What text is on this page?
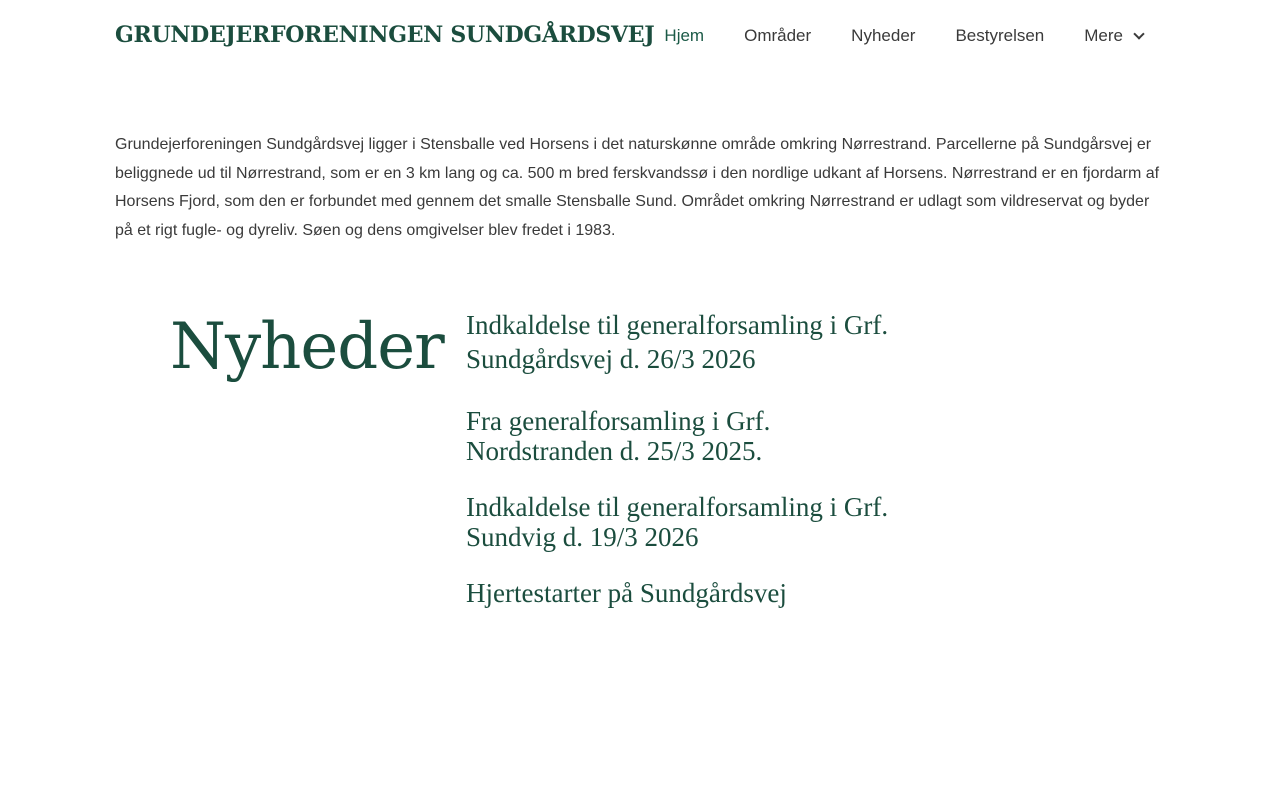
GRUNDEJERFORENINGEN SUNDGÅRDSVEJ Hjem Områder Nyheder Bestyrelsen Mere

Grundejerforeningen Sundgårdsvej ligger i Stensballe ved Horsens i det naturskønne område omkring Nørrestrand. Parcellerne på Sundgårsvej er beliggnede ud til Nørrestrand, som er en 3 km lang og ca. 500 m bred ferskvandssø i den nordlige udkant af Horsens. Nørrestrand er en fjordarm af Horsens Fjord, som den er forbundet med gennem det smalle Stensballe Sund. Området omkring Nørrestrand er udlagt som vildreservat og byder på et rigt fugle- og dyreliv. Søen og dens omgivelser blev fredet i 1983.

Nyheder Indkaldelse til generalforsamling i Grf. Sundgårdsvej d. 26/3 2026
Fra generalforsamling i Grf. Nordstranden d. 25/3 2025.
Indkaldelse til generalforsamling i Grf. Sundvig d. 19/3 2026
Hjertestarter på Sundgårdsvej
